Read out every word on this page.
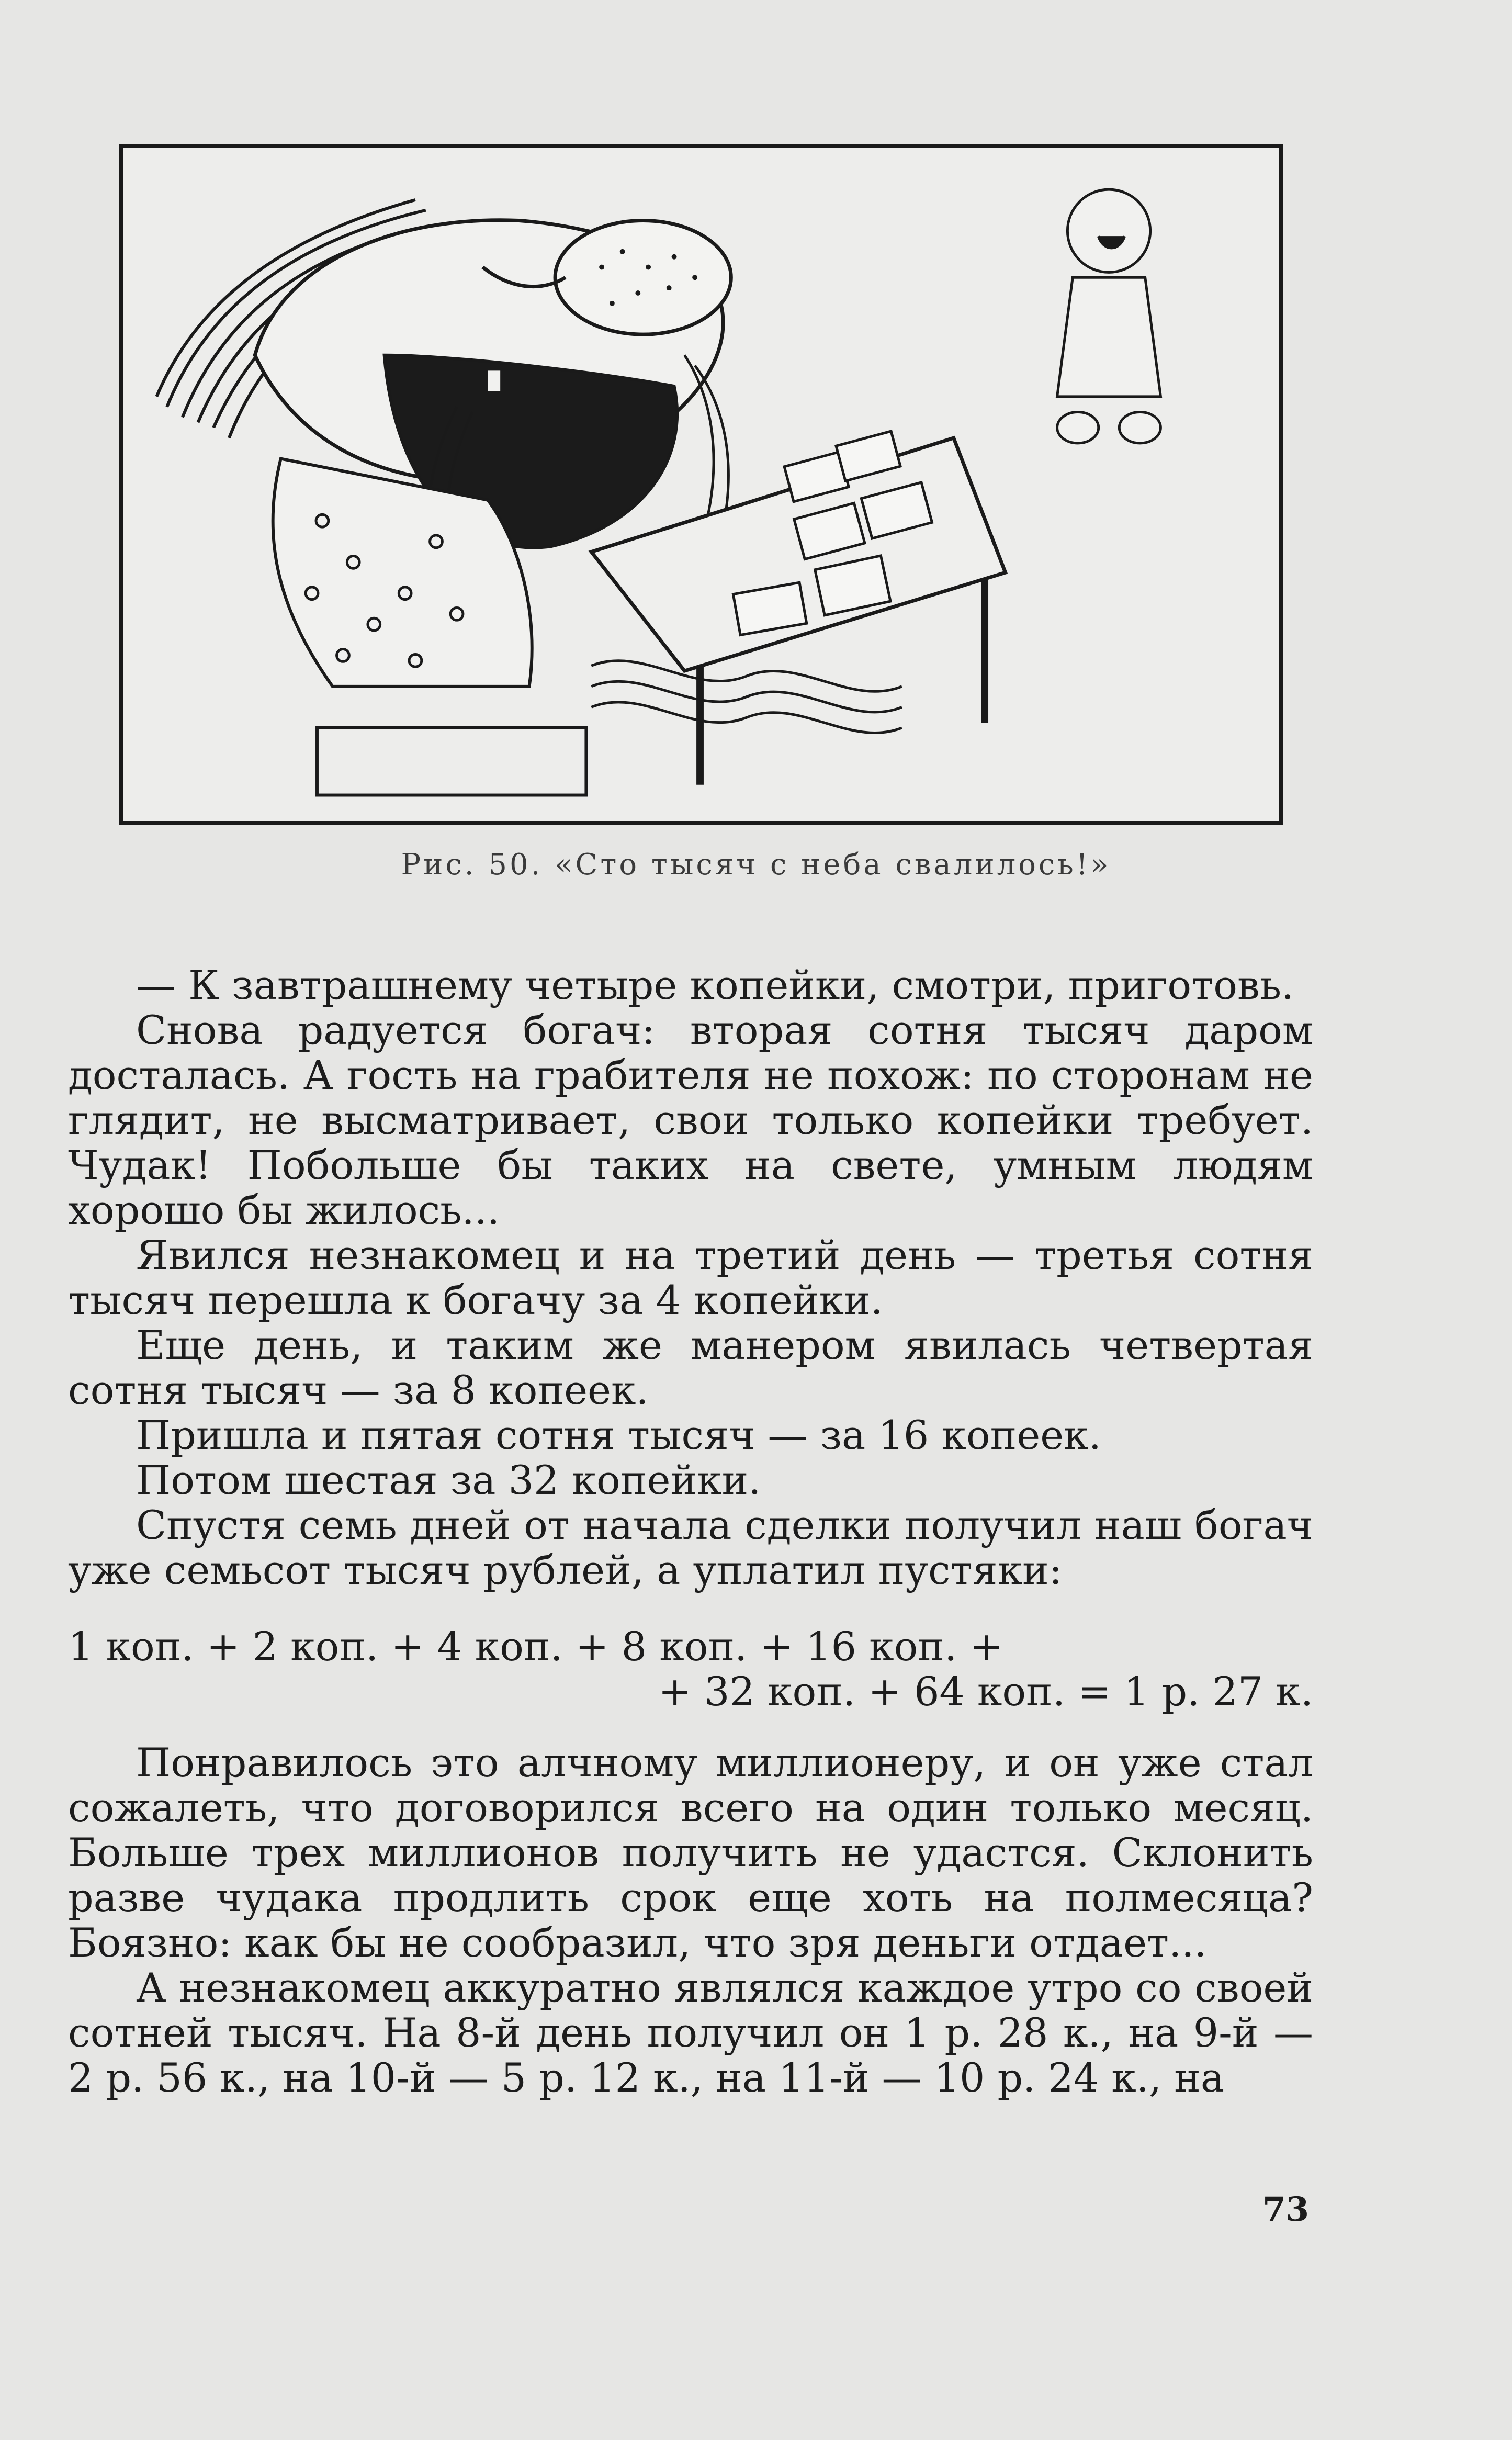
Рис. 50. «Сто тысяч с неба свалилось!»

— К завтрашнему четыре копейки, смотри, приготовь.

Снова радуется богач: вторая сотня тысяч даром досталась. А гость на грабителя не похож: по сторонам не глядит, не высматривает, свои только копейки требует. Чудак! Побольше бы таких на свете, умным людям хорошо бы жилось...

Явился незнакомец и на третий день — третья сотня тысяч перешла к богачу за 4 копейки.

Еще день, и таким же манером явилась четвертая сотня тысяч — за 8 копеек.

Пришла и пятая сотня тысяч — за 16 копеек.

Потом шестая за 32 копейки.

Спустя семь дней от начала сделки получил наш богач уже семьсот тысяч рублей, а уплатил пустяки:

1 коп. + 2 коп. + 4 коп. + 8 коп. + 16 коп. +
+ 32 коп. + 64 коп. = 1 р. 27 к.

Понравилось это алчному миллионеру, и он уже стал сожалеть, что договорился всего на один только месяц. Больше трех миллионов получить не удастся. Склонить разве чудака продлить срок еще хоть на полмесяца? Боязно: как бы не сообразил, что зря деньги отдает...

А незнакомец аккуратно являлся каждое утро со своей сотней тысяч. На 8-й день получил он 1 р. 28 к., на 9-й — 2 р. 56 к., на 10-й — 5 р. 12 к., на 11-й — 10 р. 24 к., на

73
